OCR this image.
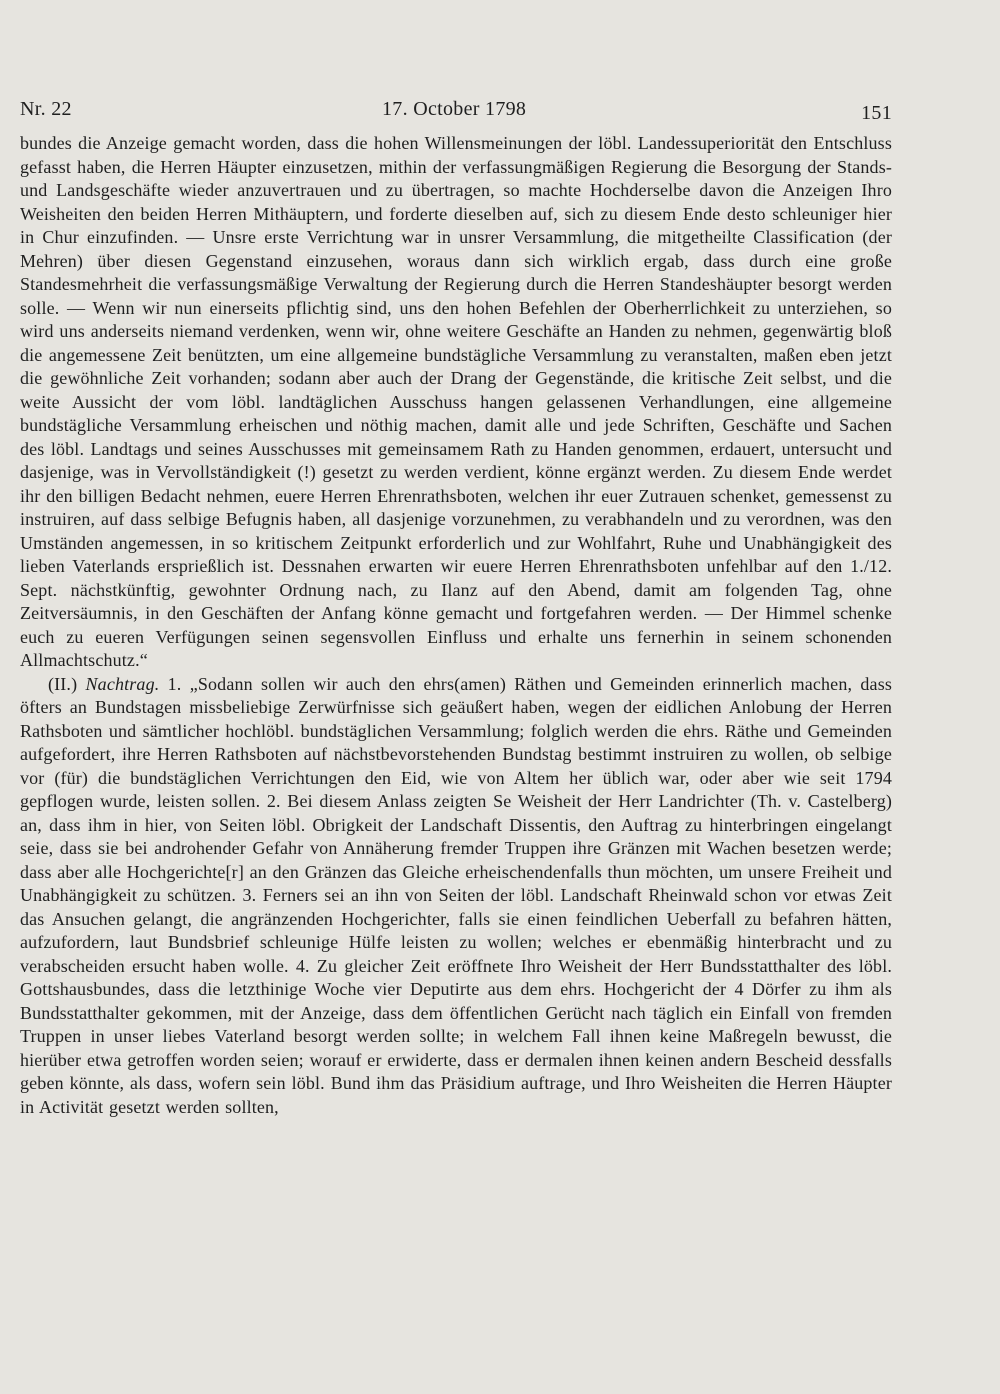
Nr. 22	17. October 1798	151

bundes die Anzeige gemacht worden, dass die hohen Willensmeinungen der löbl. Landessuperiorität den Entschluss gefasst haben, die Herren Häupter einzusetzen, mithin der verfassungmäßigen Regierung die Besorgung der Stands- und Landsgeschäfte wieder anzuvertrauen und zu übertragen, so machte Hochderselbe davon die Anzeigen Ihro Weisheiten den beiden Herren Mithäuptern, und forderte dieselben auf, sich zu diesem Ende desto schleuniger hier in Chur einzufinden. — Unsre erste Verrichtung war in unsrer Versammlung, die mitgetheilte Classification (der Mehren) über diesen Gegenstand einzusehen, woraus dann sich wirklich ergab, dass durch eine große Standesmehrheit die verfassungsmäßige Verwaltung der Regierung durch die Herren Standeshäupter besorgt werden solle. — Wenn wir nun einerseits pflichtig sind, uns den hohen Befehlen der Oberherrlichkeit zu unterziehen, so wird uns anderseits niemand verdenken, wenn wir, ohne weitere Geschäfte an Handen zu nehmen, gegenwärtig bloß die angemessene Zeit benützten, um eine allgemeine bundstägliche Versammlung zu veranstalten, maßen eben jetzt die gewöhnliche Zeit vorhanden; sodann aber auch der Drang der Gegenstände, die kritische Zeit selbst, und die weite Aussicht der vom löbl. landtäglichen Ausschuss hangen gelassenen Verhandlungen, eine allgemeine bundstägliche Versammlung erheischen und nöthig machen, damit alle und jede Schriften, Geschäfte und Sachen des löbl. Landtags und seines Ausschusses mit gemeinsamem Rath zu Handen genommen, erdauert, untersucht und dasjenige, was in Vervollständigkeit (!) gesetzt zu werden verdient, könne ergänzt werden. Zu diesem Ende werdet ihr den billigen Bedacht nehmen, euere Herren Ehrenrathsboten, welchen ihr euer Zutrauen schenket, gemessenst zu instruiren, auf dass selbige Befugnis haben, all dasjenige vorzunehmen, zu verabhandeln und zu verordnen, was den Umständen angemessen, in so kritischem Zeitpunkt erforderlich und zur Wohlfahrt, Ruhe und Unabhängigkeit des lieben Vaterlands ersprießlich ist. Dessnahen erwarten wir euere Herren Ehrenrathsboten unfehlbar auf den 1./12. Sept. nächstkünftig, gewohnter Ordnung nach, zu Ilanz auf den Abend, damit am folgenden Tag, ohne Zeitversäumnis, in den Geschäften der Anfang könne gemacht und fortgefahren werden. — Der Himmel schenke euch zu eueren Verfügungen seinen segensvollen Einfluss und erhalte uns fernerhin in seinem schonenden Allmachtschutz.“

(II.) Nachtrag. 1. „Sodann sollen wir auch den ehrs(amen) Räthen und Gemeinden erinnerlich machen, dass öfters an Bundstagen missbeliebige Zerwürfnisse sich geäußert haben, wegen der eidlichen Anlobung der Herren Rathsboten und sämtlicher hochlöbl. bundstäglichen Versammlung; folglich werden die ehrs. Räthe und Gemeinden aufgefordert, ihre Herren Rathsboten auf nächstbevorstehenden Bundstag bestimmt instruiren zu wollen, ob selbige vor (für) die bundstäglichen Verrichtungen den Eid, wie von Altem her üblich war, oder aber wie seit 1794 gepflogen wurde, leisten sollen. 2. Bei diesem Anlass zeigten Se Weisheit der Herr Landrichter (Th. v. Castelberg) an, dass ihm in hier, von Seiten löbl. Obrigkeit der Landschaft Dissentis, den Auftrag zu hinterbringen eingelangt seie, dass sie bei androhender Gefahr von Annäherung fremder Truppen ihre Gränzen mit Wachen besetzen werde; dass aber alle Hochgerichte[r] an den Gränzen das Gleiche erheischendenfalls thun möchten, um unsere Freiheit und Unabhängigkeit zu schützen. 3. Ferners sei an ihn von Seiten der löbl. Landschaft Rheinwald schon vor etwas Zeit das Ansuchen gelangt, die angränzenden Hochgerichter, falls sie einen feindlichen Ueberfall zu befahren hätten, aufzufordern, laut Bundsbrief schleunige Hülfe leisten zu wollen; welches er ebenmäßig hinterbracht und zu verabscheiden ersucht haben wolle. 4. Zu gleicher Zeit eröffnete Ihro Weisheit der Herr Bundsstatthalter des löbl. Gottshausbundes, dass die letzthinige Woche vier Deputirte aus dem ehrs. Hochgericht der 4 Dörfer zu ihm als Bundsstatthalter gekommen, mit der Anzeige, dass dem öffentlichen Gerücht nach täglich ein Einfall von fremden Truppen in unser liebes Vaterland besorgt werden sollte; in welchem Fall ihnen keine Maßregeln bewusst, die hierüber etwa getroffen worden seien; worauf er erwiderte, dass er dermalen ihnen keinen andern Bescheid dessfalls geben könnte, als dass, wofern sein löbl. Bund ihm das Präsidium auftrage, und Ihro Weisheiten die Herren Häupter in Activität gesetzt werden sollten,
